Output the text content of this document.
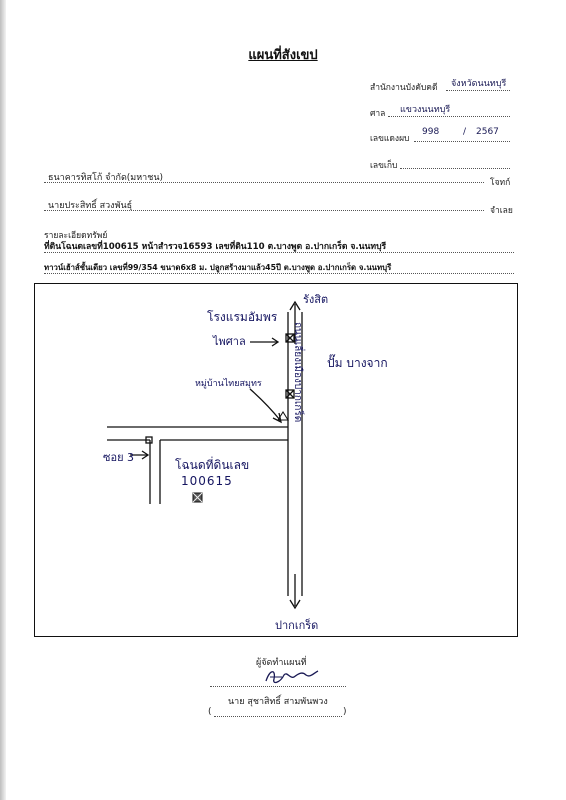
แผนที่สังเขป
สำนักงานบังคับคดี จังหวัดนนทบุรี
ศาล แขวงนนทบุรี
เลขแดงผบ
998	/ 2567
เลขเก็บ
ธนาคารทิสโก้ จำกัด(มหาชน)	โจทก์
นายประสิทธิ์ สวงพันธุ์	จำเลย
รายละเอียดทรัพย์
ที่ดินโฉนดเลขที่100615 หน้าสำรวจ16593 เลขที่ดิน110 ต.บางพูด อ.ปากเกร็ด จ.นนทบุรี
ทาวน์เฮ้าส์ชั้นเดียว เลขที่99/354 ขนาด6x8 ม. ปลูกสร้างมาแล้ว45ปี ต.บางพูด อ.ปากเกร็ด จ.นนทบุรี
รังสิต
ปากเกร็ด
ถนนเลี่ยงเมืองปากเกร็ด
โรงแรมอัมพร
ไพศาล
ปั๊ม บางจาก
หมู่บ้านไทยสมุทร
ซอย 3
โฉนดที่ดินเลข
100615
ผู้จัดทำแผนที่
นาย สุชาสิทธิ์ สามพันพวง
(	)
